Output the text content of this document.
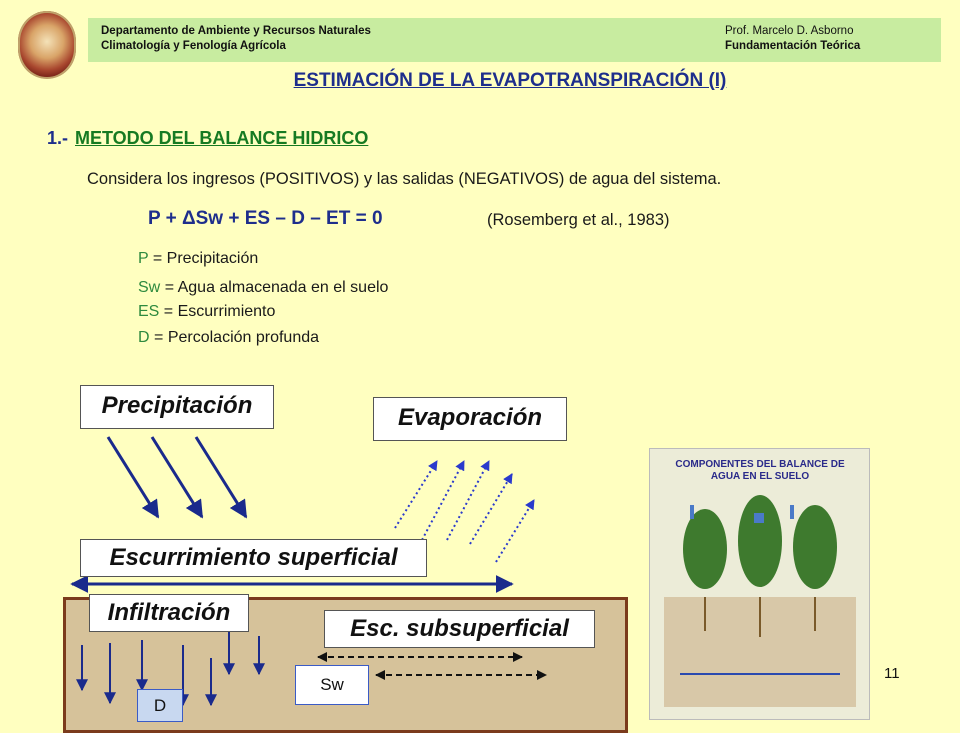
Departamento de Ambiente y Recursos Naturales
Climatología y Fenología Agrícola
Prof. Marcelo D. Asborno
Fundamentación Teórica
ESTIMACIÓN DE LA EVAPOTRANSPIRACIÓN (I)
1.- METODO DEL BALANCE HIDRICO
Considera los ingresos (POSITIVOS) y las salidas (NEGATIVOS) de agua del sistema.
P + ΔSw + ES – D – ET = 0	(Rosemberg et al., 1983)
P = Precipitación
Sw = Agua almacenada en el suelo
ES = Escurrimiento
D = Percolación profunda
Precipitación	Evaporación
Escurrimiento superficial
Infiltración
Esc. subsuperficial
Sw
D
COMPONENTES DEL BALANCE DE AGUA EN EL SUELO
11
